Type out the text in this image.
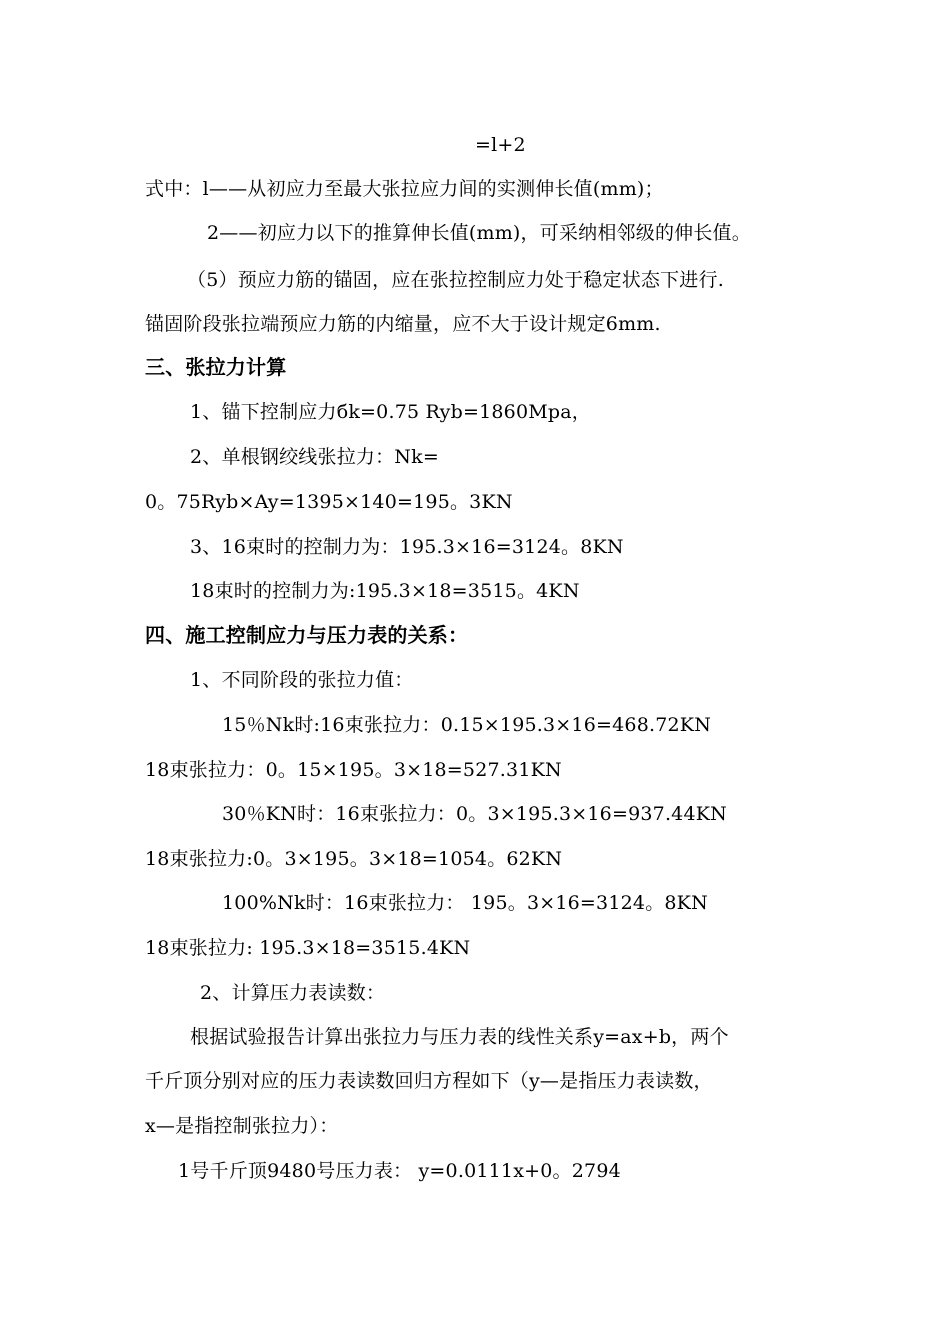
=l+2
式中：l——从初应力至最大张拉应力间的实测伸长值(mm)；
2——初应力以下的推算伸长值(mm)，可采纳相邻级的伸长值。
（5）预应力筋的锚固，应在张拉控制应力处于稳定状态下进行.
锚固阶段张拉端预应力筋的内缩量，应不大于设计规定6mm.
三、张拉力计算
1、锚下控制应力бk=0.75 Ryb=1860Mpa，
2、单根钢绞线张拉力：Nk=
0。75Ryb×Ay=1395×140=195。3KN
3、16束时的控制力为：195.3×16=3124。8KN
18束时的控制力为:195.3×18=3515。4KN
四、施工控制应力与压力表的关系：
1、不同阶段的张拉力值：
15％Nk时:16束张拉力：0.15×195.3×16=468.72KN
18束张拉力：0。15×195。3×18=527.31KN
30％KN时：16束张拉力：0。3×195.3×16=937.44KN
18束张拉力:0。3×195。3×18=1054。62KN
100%Nk时：16束张拉力： 195。3×16=3124。8KN
18束张拉力: 195.3×18=3515.4KN
2、计算压力表读数：
根据试验报告计算出张拉力与压力表的线性关系y=ax+b，两个
千斤顶分别对应的压力表读数回归方程如下（y—是指压力表读数，
x—是指控制张拉力）：
1号千斤顶9480号压力表： y=0.0111x+0。2794
